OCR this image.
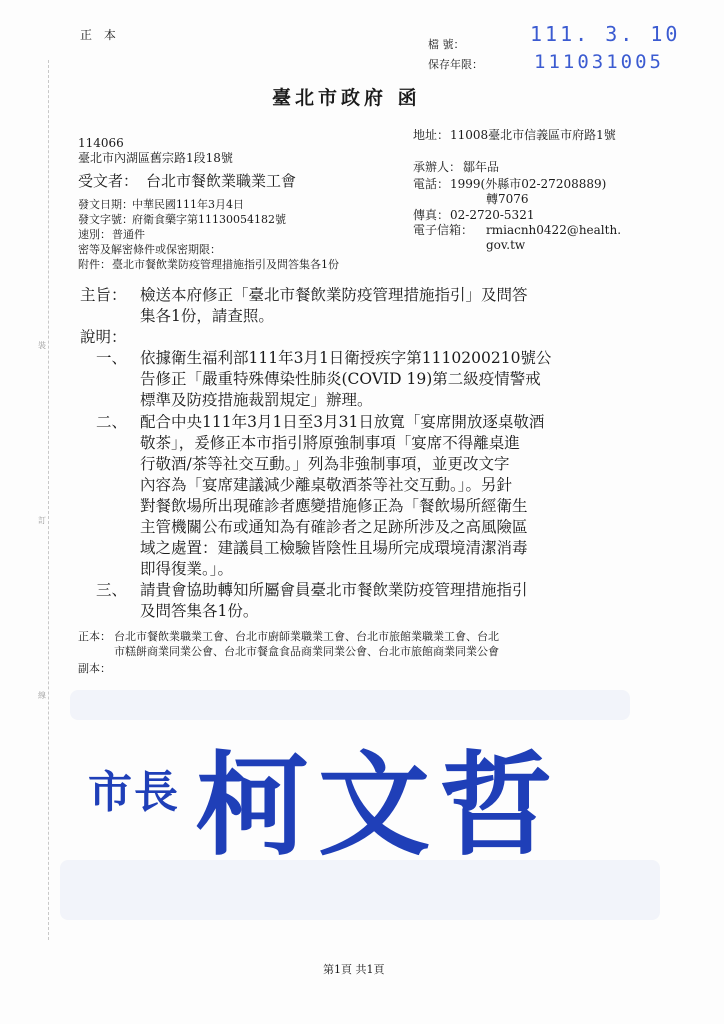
裝
訂
線
正 本
檔 號：	111. 3. 10
保存年限：	111031005
臺北市政府 函
114066
臺北市內湖區舊宗路1段18號
受文者： 台北市餐飲業職業工會
地址： 11008臺北市信義區市府路1號
承辦人： 鄒年品
電話： 1999(外縣市02-27208889)
轉7076
傳真： 02-2720-5321
電子信箱： rmiacnh0422@health.
gov.tw
發文日期： 中華民國111年3月4日
發文字號： 府衛食藥字第11130054182號
速別： 普通件
密等及解密條件或保密期限：
附件： 臺北市餐飲業防疫管理措施指引及問答集各1份
主旨： 檢送本府修正「臺北市餐飲業防疫管理措施指引」及問答
集各1份，請查照。
說明：
一、 依據衛生福利部111年3月1日衛授疾字第1110200210號公
告修正「嚴重特殊傳染性肺炎(COVID 19)第二級疫情警戒
標準及防疫措施裁罰規定」辦理。
二、 配合中央111年3月1日至3月31日放寬「宴席開放逐桌敬酒
敬茶」，爰修正本市指引將原強制事項「宴席不得離桌進
行敬酒/茶等社交互動。」列為非強制事項，並更改文字
內容為「宴席建議減少離桌敬酒茶等社交互動。」。另針
對餐飲場所出現確診者應變措施修正為「餐飲場所經衛生
主管機關公布或通知為有確診者之足跡所涉及之高風險區
域之處置：建議員工檢驗皆陰性且場所完成環境清潔消毒
即得復業。」。
三、 請貴會協助轉知所屬會員臺北市餐飲業防疫管理措施指引
及問答集各1份。
正本： 台北市餐飲業職業工會、台北市廚師業職業工會、台北市旅館業職業工會、台北
市糕餅商業同業公會、台北市餐盒食品商業同業公會、台北市旅館商業同業公會
副本：
市長 柯文哲
第1頁 共1頁
